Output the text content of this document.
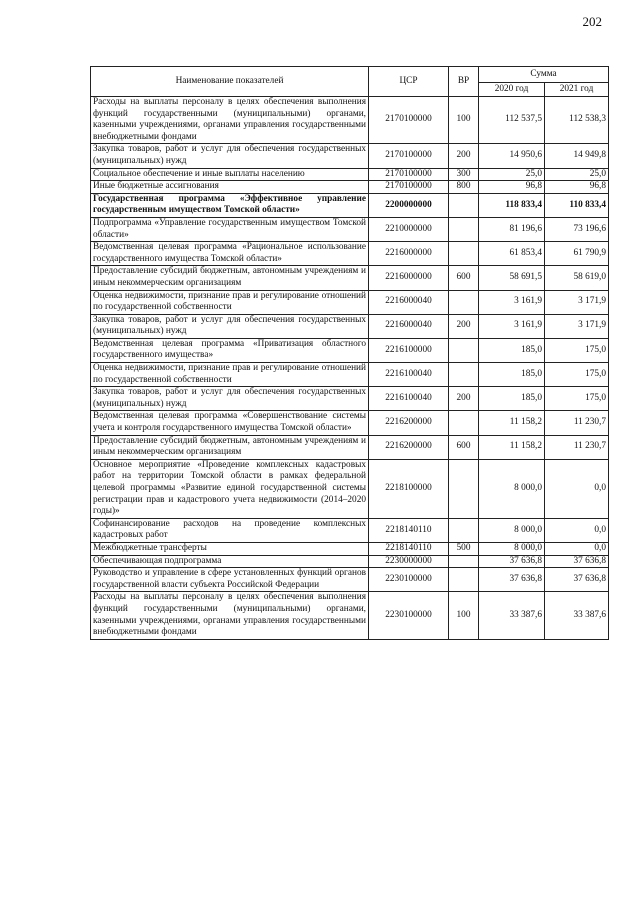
202
Наименование показателей	ЦСР	ВР	Сумма	
			2020 год	2021 год
Расходы на выплаты персоналу в целях обеспечения выполнения функций государственными (муниципальными) органами, казенными учреждениями, органами управления государственными внебюджетными фондами	2170100000	100	112 537,5	112 538,3
Закупка товаров, работ и услуг для обеспечения государственных (муниципальных) нужд	2170100000	200	14 950,6	14 949,8
Социальное обеспечение и иные выплаты населению	2170100000	300	25,0	25,0
Иные бюджетные ассигнования	2170100000	800	96,8	96,8
Государственная программа «Эффективное управление государственным имуществом Томской области»	2200000000		118 833,4	110 833,4
Подпрограмма «Управление государственным имуществом Томской области»	2210000000		81 196,6	73 196,6
Ведомственная целевая программа «Рациональное использование государственного имущества Томской области»	2216000000		61 853,4	61 790,9
Предоставление субсидий бюджетным, автономным учреждениям и иным некоммерческим организациям	2216000000	600	58 691,5	58 619,0
Оценка недвижимости, признание прав и регулирование отношений по государственной собственности	2216000040		3 161,9	3 171,9
Закупка товаров, работ и услуг для обеспечения государственных (муниципальных) нужд	2216000040	200	3 161,9	3 171,9
Ведомственная целевая программа «Приватизация областного государственного имущества»	2216100000		185,0	175,0
Оценка недвижимости, признание прав и регулирование отношений по государственной собственности	2216100040		185,0	175,0
Закупка товаров, работ и услуг для обеспечения государственных (муниципальных) нужд	2216100040	200	185,0	175,0
Ведомственная целевая программа «Совершенствование системы учета и контроля государственного имущества Томской области»	2216200000		11 158,2	11 230,7
Предоставление субсидий бюджетным, автономным учреждениям и иным некоммерческим организациям	2216200000	600	11 158,2	11 230,7
Основное мероприятие «Проведение комплексных кадастровых работ на территории Томской области в рамках федеральной целевой программы «Развитие единой государственной системы регистрации прав и кадастрового учета недвижимости (2014–2020 годы)»	2218100000		8 000,0	0,0
Софинансирование расходов на проведение комплексных кадастровых работ	2218140110		8 000,0	0,0
Межбюджетные трансферты	2218140110	500	8 000,0	0,0
Обеспечивающая подпрограмма	2230000000		37 636,8	37 636,8
Руководство и управление в сфере установленных функций органов государственной власти субъекта Российской Федерации	2230100000		37 636,8	37 636,8
Расходы на выплаты персоналу в целях обеспечения выполнения функций государственными (муниципальными) органами, казенными учреждениями, органами управления государственными внебюджетными фондами	2230100000	100	33 387,6	33 387,6
